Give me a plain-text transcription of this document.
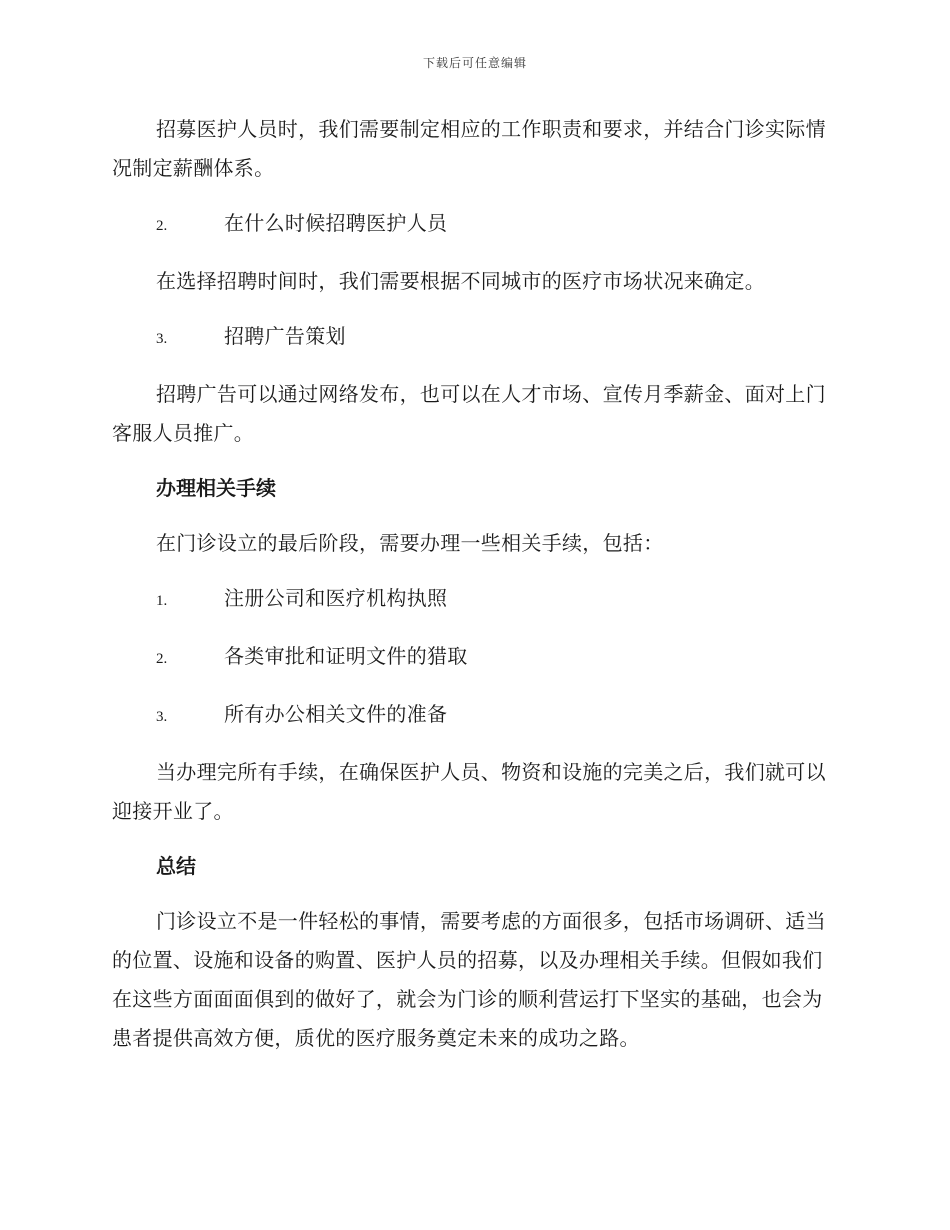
下载后可任意编辑

招募医护人员时，我们需要制定相应的工作职责和要求，并结合门诊实际情况制定薪酬体系。

2.	在什么时候招聘医护人员

在选择招聘时间时，我们需要根据不同城市的医疗市场状况来确定。

3.	招聘广告策划

招聘广告可以通过网络发布，也可以在人才市场、宣传月季薪金、面对上门客服人员推广。

办理相关手续

在门诊设立的最后阶段，需要办理一些相关手续，包括：

1.	注册公司和医疗机构执照
2.	各类审批和证明文件的猎取
3.	所有办公相关文件的准备

当办理完所有手续，在确保医护人员、物资和设施的完美之后，我们就可以迎接开业了。

总结

门诊设立不是一件轻松的事情，需要考虑的方面很多，包括市场调研、适当的位置、设施和设备的购置、医护人员的招募，以及办理相关手续。但假如我们在这些方面面面俱到的做好了，就会为门诊的顺利营运打下坚实的基础，也会为患者提供高效方便，质优的医疗服务奠定未来的成功之路。
